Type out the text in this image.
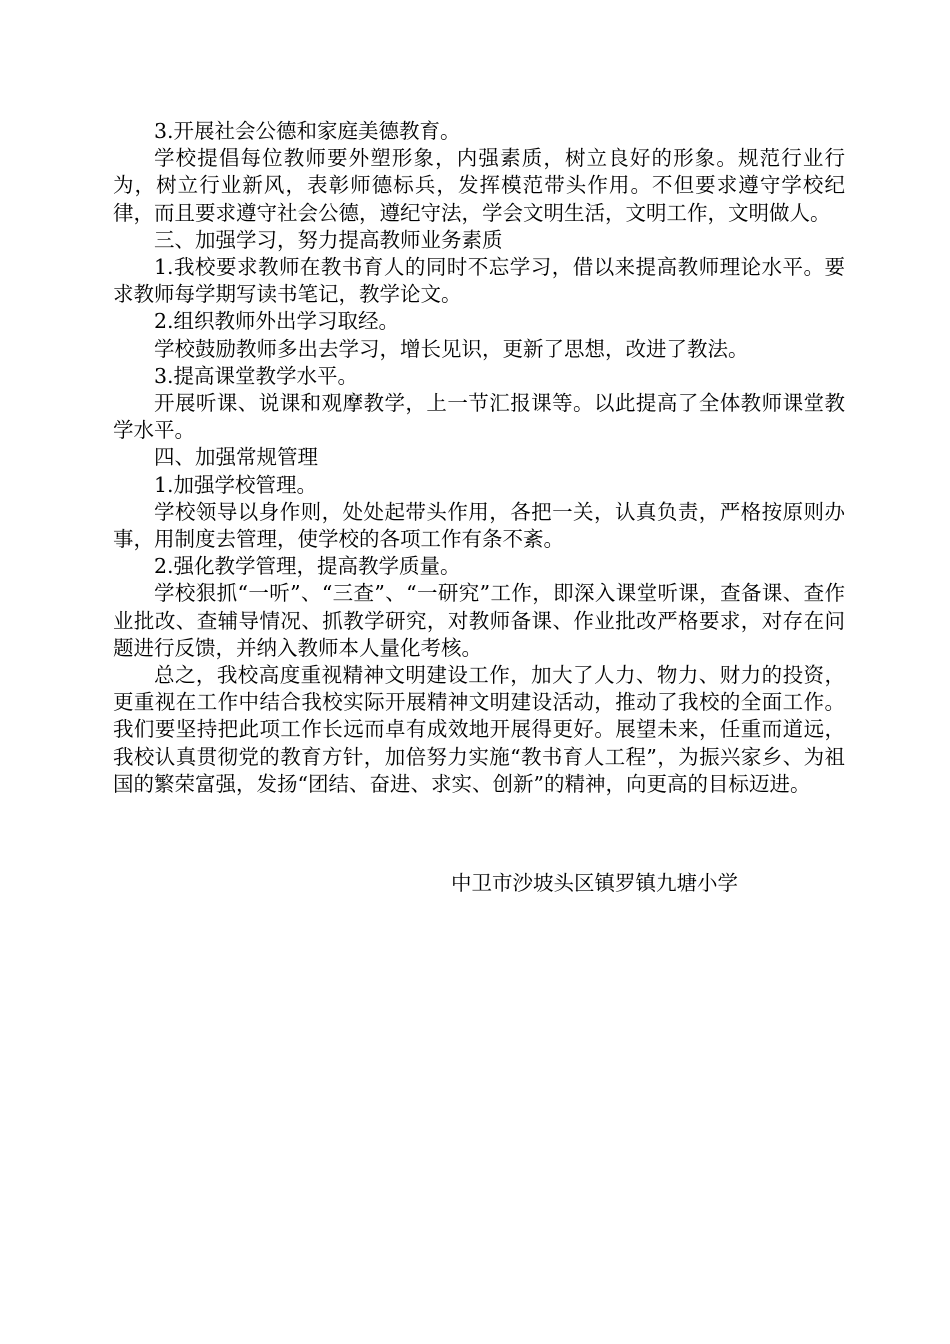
3.开展社会公德和家庭美德教育。

学校提倡每位教师要外塑形象，内强素质，树立良好的形象。规范行业行为，树立行业新风，表彰师德标兵，发挥模范带头作用。不但要求遵守学校纪律，而且要求遵守社会公德，遵纪守法，学会文明生活，文明工作，文明做人。

三、加强学习，努力提高教师业务素质

1.我校要求教师在教书育人的同时不忘学习，借以来提高教师理论水平。要求教师每学期写读书笔记，教学论文。

2.组织教师外出学习取经。

学校鼓励教师多出去学习，增长见识，更新了思想，改进了教法。

3.提高课堂教学水平。

开展听课、说课和观摩教学，上一节汇报课等。以此提高了全体教师课堂教学水平。

四、加强常规管理

1.加强学校管理。

学校领导以身作则，处处起带头作用，各把一关，认真负责，严格按原则办事，用制度去管理，使学校的各项工作有条不紊。

2.强化教学管理，提高教学质量。

学校狠抓“一听”、“三查”、“一研究”工作，即深入课堂听课，查备课、查作业批改、查辅导情况、抓教学研究，对教师备课、作业批改严格要求，对存在问题进行反馈，并纳入教师本人量化考核。

总之，我校高度重视精神文明建设工作，加大了人力、物力、财力的投资，更重视在工作中结合我校实际开展精神文明建设活动，推动了我校的全面工作。我们要坚持把此项工作长远而卓有成效地开展得更好。展望未来，任重而道远，我校认真贯彻党的教育方针，加倍努力实施“教书育人工程”，为振兴家乡、为祖国的繁荣富强，发扬“团结、奋进、求实、创新”的精神，向更高的目标迈进。

中卫市沙坡头区镇罗镇九塘小学
